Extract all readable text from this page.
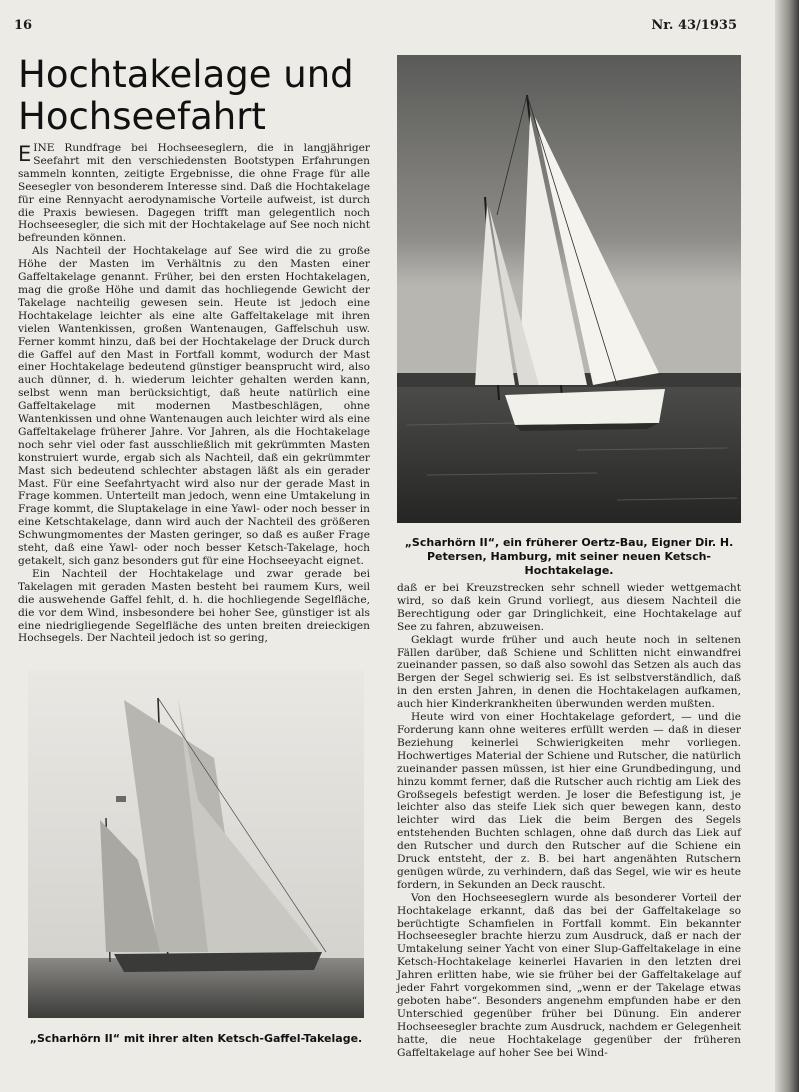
16	Nr. 43/1935
Hochtakelage und
Hochseefahrt

EINE Rundfrage bei Hochseeseglern, die in langjähriger Seefahrt mit den verschiedensten Bootstypen Erfahrungen sammeln konnten, zeitigte Ergebnisse, die ohne Frage für alle Seesegler von besonderem Interesse sind. Daß die Hochtakelage für eine Rennyacht aerodynamische Vorteile aufweist, ist durch die Praxis bewiesen. Dagegen trifft man gelegentlich noch Hochseesegler, die sich mit der Hochtakelage auf See noch nicht befreunden können.

Als Nachteil der Hochtakelage auf See wird die zu große Höhe der Masten im Verhältnis zu den Masten einer Gaffeltakelage genannt. Früher, bei den ersten Hochtakelagen, mag die große Höhe und damit das hochliegende Gewicht der Takelage nachteilig gewesen sein. Heute ist jedoch eine Hochtakelage leichter als eine alte Gaffeltakelage mit ihren vielen Wantenkissen, großen Wantenaugen, Gaffelschuh usw. Ferner kommt hinzu, daß bei der Hochtakelage der Druck durch die Gaffel auf den Mast in Fortfall kommt, wodurch der Mast einer Hochtakelage bedeutend günstiger beansprucht wird, also auch dünner, d. h. wiederum leichter gehalten werden kann, selbst wenn man berücksichtigt, daß heute natürlich eine Gaffeltakelage mit modernen Mastbeschlägen, ohne Wantenkissen und ohne Wantenaugen auch leichter wird als eine Gaffeltakelage früherer Jahre. Vor Jahren, als die Hochtakelage noch sehr viel oder fast ausschließlich mit gekrümmten Masten konstruiert wurde, ergab sich als Nachteil, daß ein gekrümmter Mast sich bedeutend schlechter abstagen läßt als ein gerader Mast. Für eine Seefahrtyacht wird also nur der gerade Mast in Frage kommen. Unterteilt man jedoch, wenn eine Umtakelung in Frage kommt, die Sluptakelage in eine Yawl- oder noch besser in eine Ketschtakelage, dann wird auch der Nachteil des größeren Schwungmomentes der Masten geringer, so daß es außer Frage steht, daß eine Yawl- oder noch besser Ketsch-Takelage, hoch getakelt, sich ganz besonders gut für eine Hochseeyacht eignet.

Ein Nachteil der Hochtakelage und zwar gerade bei Takelagen mit geraden Masten besteht bei raumem Kurs, weil die auswehende Gaffel fehlt, d. h. die hochliegende Segelfläche, die vor dem Wind, insbesondere bei hoher See, günstiger ist als eine niedrigliegende Segelfläche des unten breiten dreieckigen Hochsegels. Der Nachteil jedoch ist so gering,

„Scharhörn II“, ein früherer Oertz-Bau, Eigner Dir. H. Petersen, Hamburg, mit seiner neuen Ketsch-Hochtakelage.

daß er bei Kreuzstrecken sehr schnell wieder wettgemacht wird, so daß kein Grund vorliegt, aus diesem Nachteil die Berechtigung oder gar Dringlichkeit, eine Hochtakelage auf See zu fahren, abzuweisen.

Geklagt wurde früher und auch heute noch in seltenen Fällen darüber, daß Schiene und Schlitten nicht einwandfrei zueinander passen, so daß also sowohl das Setzen als auch das Bergen der Segel schwierig sei. Es ist selbstverständlich, daß in den ersten Jahren, in denen die Hochtakelagen aufkamen, auch hier Kinderkrankheiten überwunden werden mußten.

Heute wird von einer Hochtakelage gefordert, — und die Forderung kann ohne weiteres erfüllt werden — daß in dieser Beziehung keinerlei Schwierigkeiten mehr vorliegen. Hochwertiges Material der Schiene und Rutscher, die natürlich zueinander passen müssen, ist hier eine Grundbedingung, und hinzu kommt ferner, daß die Rutscher auch richtig am Liek des Großsegels befestigt werden. Je loser die Befestigung ist, je leichter also das steife Liek sich quer bewegen kann, desto leichter wird das Liek die beim Bergen des Segels entstehenden Buchten schlagen, ohne daß durch das Liek auf den Rutscher und durch den Rutscher auf die Schiene ein Druck entsteht, der z. B. bei hart angenähten Rutschern genügen würde, zu verhindern, daß das Segel, wie wir es heute fordern, in Sekunden an Deck rauscht.

Von den Hochseeseglern wurde als besonderer Vorteil der Hochtakelage erkannt, daß das bei der Gaffeltakelage so berüchtigte Schamfielen in Fortfall kommt. Ein bekannter Hochseesegler brachte hierzu zum Ausdruck, daß er nach der Umtakelung seiner Yacht von einer Slup-Gaffeltakelage in eine Ketsch-Hochtakelage keinerlei Havarien in den letzten drei Jahren erlitten habe, wie sie früher bei der Gaffeltakelage auf jeder Fahrt vorgekommen sind, „wenn er der Takelage etwas geboten habe“. Besonders angenehm empfunden habe er den Unterschied gegenüber früher bei Dünung. Ein anderer Hochseesegler brachte zum Ausdruck, nachdem er Gelegenheit hatte, die neue Hochtakelage gegenüber der früheren Gaffeltakelage auf hoher See bei Wind-

„Scharhörn II“ mit ihrer alten Ketsch-Gaffel-Takelage.
